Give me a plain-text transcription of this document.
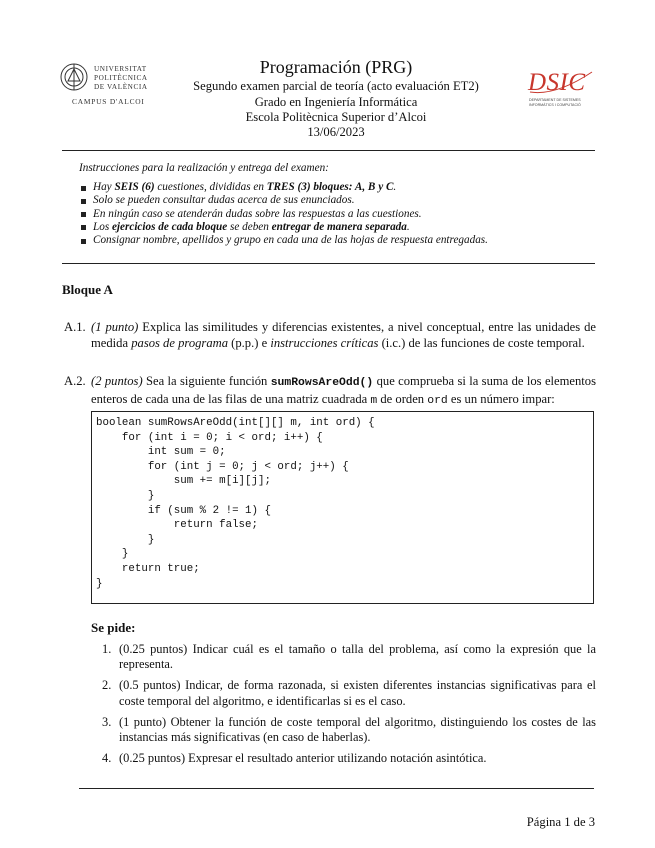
UNIVERSITAT
POLITÈCNICA
DE VALÈNCIA
CAMPUS D'ALCOI
Programación (PRG)
Segundo examen parcial de teoría (acto evaluación ET2)
Grado en Ingeniería Informática
Escola Politècnica Superior d’Alcoi
13/06/2023
DSIC
DEPARTAMENT DE SISTEMES
INFORMÀTICS I COMPUTACIÓ
Instrucciones para la realización y entrega del examen:
Hay SEIS (6) cuestiones, divididas en TRES (3) bloques: A, B y C.
Solo se pueden consultar dudas acerca de sus enunciados.
En ningún caso se atenderán dudas sobre las respuestas a las cuestiones.
Los ejercicios de cada bloque se deben entregar de manera separada.
Consignar nombre, apellidos y grupo en cada una de las hojas de respuesta entregadas.
Bloque A
A.1. (1 punto) Explica las similitudes y diferencias existentes, a nivel conceptual, entre las unidades de medida pasos de programa (p.p.) e instrucciones críticas (i.c.) de las funciones de coste temporal.
A.2. (2 puntos) Sea la siguiente función sumRowsAreOdd() que comprueba si la suma de los elementos enteros de cada una de las filas de una matriz cuadrada m de orden ord es un número impar:
boolean sumRowsAreOdd(int[][] m, int ord) {
for (int i = 0; i < ord; i++) {
int sum = 0;
for (int j = 0; j < ord; j++) {
sum += m[i][j];
}
if (sum % 2 != 1) {
return false;
}
}
return true;
}
Se pide:
1. (0.25 puntos) Indicar cuál es el tamaño o talla del problema, así como la expresión que la representa.
2. (0.5 puntos) Indicar, de forma razonada, si existen diferentes instancias significativas para el coste temporal del algoritmo, e identificarlas si es el caso.
3. (1 punto) Obtener la función de coste temporal del algoritmo, distinguiendo los costes de las instancias más significativas (en caso de haberlas).
4. (0.25 puntos) Expresar el resultado anterior utilizando notación asintótica.
Página 1 de 3
